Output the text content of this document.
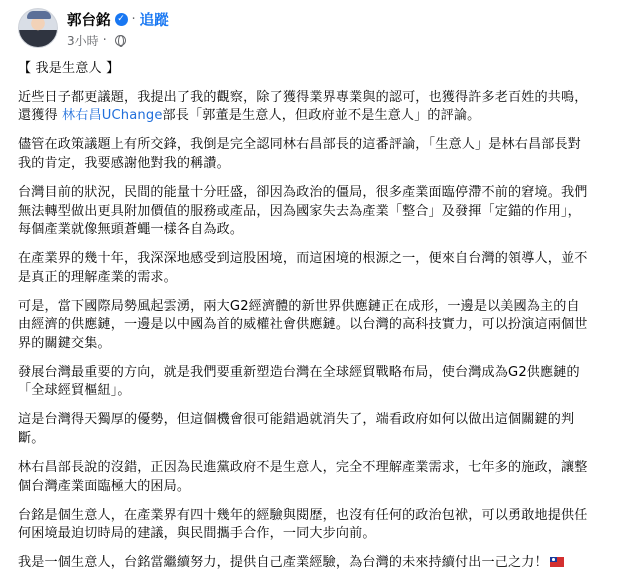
郭台銘 ✓ · 追蹤
3小時 ·

【 我是生意人 】

近些日子都更議題，我提出了我的觀察，除了獲得業界專業與的認可，也獲得許多老百姓的共鳴，
還獲得 林右昌UChange部長「郭董是生意人，但政府並不是生意人」的評論。

儘管在政策議題上有所交鋒，我倒是完全認同林右昌部長的這番評論，「生意人」是林右昌部長對
我的肯定，我要感謝他對我的稱讚。

台灣目前的狀況，民間的能量十分旺盛，卻因為政治的僵局，很多產業面臨停滯不前的窘境。我們
無法轉型做出更具附加價值的服務或產品，因為國家失去為產業「整合」及發揮「定錨的作用」，
每個產業就像無頭蒼蠅一樣各自為政。

在產業界的幾十年，我深深地感受到這股困境，而這困境的根源之一，便來自台灣的領導人，並不
是真正的理解產業的需求。

可是，當下國際局勢風起雲湧，兩大G2經濟體的新世界供應鏈正在成形，一邊是以美國為主的自
由經濟的供應鏈，一邊是以中國為首的威權社會供應鏈。以台灣的高科技實力，可以扮演這兩個世
界的關鍵交集。

發展台灣最重要的方向，就是我們要重新塑造台灣在全球經貿戰略布局，使台灣成為G2供應鏈的
「全球經貿樞紐」。

這是台灣得天獨厚的優勢，但這個機會很可能錯過就消失了，端看政府如何以做出這個關鍵的判
斷。

林右昌部長說的沒錯，正因為民進黨政府不是生意人，完全不理解產業需求，七年多的施政，讓整
個台灣產業面臨極大的困局。

台銘是個生意人，在產業界有四十幾年的經驗與閱歷，也沒有任何的政治包袱，可以勇敢地提供任
何困境最迫切時局的建議，與民間攜手合作，一同大步向前。

我是一個生意人，台銘當繼續努力，提供自己產業經驗，為台灣的未來持續付出一己之力！
